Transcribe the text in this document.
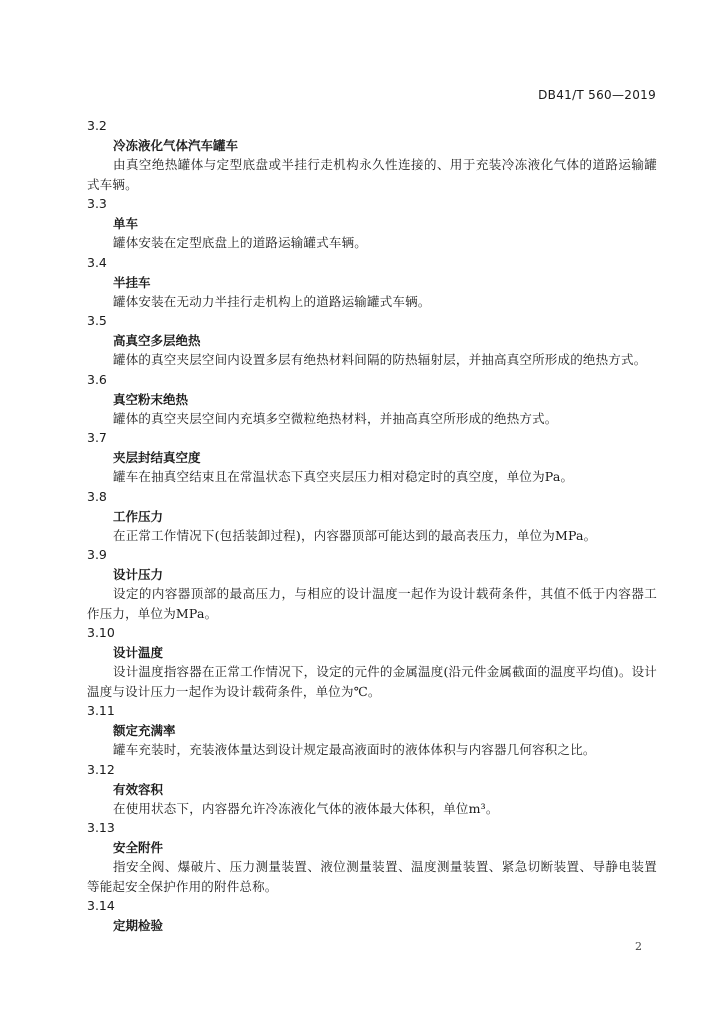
DB41/T 560—2019
3.2
冷冻液化气体汽车罐车
由真空绝热罐体与定型底盘或半挂行走机构永久性连接的、用于充装冷冻液化气体的道路运输罐式车辆。
3.3
单车
罐体安装在定型底盘上的道路运输罐式车辆。
3.4
半挂车
罐体安装在无动力半挂行走机构上的道路运输罐式车辆。
3.5
高真空多层绝热
罐体的真空夹层空间内设置多层有绝热材料间隔的防热辐射层，并抽高真空所形成的绝热方式。
3.6
真空粉末绝热
罐体的真空夹层空间内充填多空微粒绝热材料，并抽高真空所形成的绝热方式。
3.7
夹层封结真空度
罐车在抽真空结束且在常温状态下真空夹层压力相对稳定时的真空度，单位为Pa。
3.8
工作压力
在正常工作情况下(包括装卸过程)，内容器顶部可能达到的最高表压力，单位为MPa。
3.9
设计压力
设定的内容器顶部的最高压力，与相应的设计温度一起作为设计载荷条件，其值不低于内容器工作压力，单位为MPa。
3.10
设计温度
设计温度指容器在正常工作情况下，设定的元件的金属温度(沿元件金属截面的温度平均值)。设计温度与设计压力一起作为设计载荷条件，单位为℃。
3.11
额定充满率
罐车充装时，充装液体量达到设计规定最高液面时的液体体积与内容器几何容积之比。
3.12
有效容积
在使用状态下，内容器允许冷冻液化气体的液体最大体积，单位m³。
3.13
安全附件
指安全阀、爆破片、压力测量装置、液位测量装置、温度测量装置、紧急切断装置、导静电装置等能起安全保护作用的附件总称。
3.14
定期检验
2
